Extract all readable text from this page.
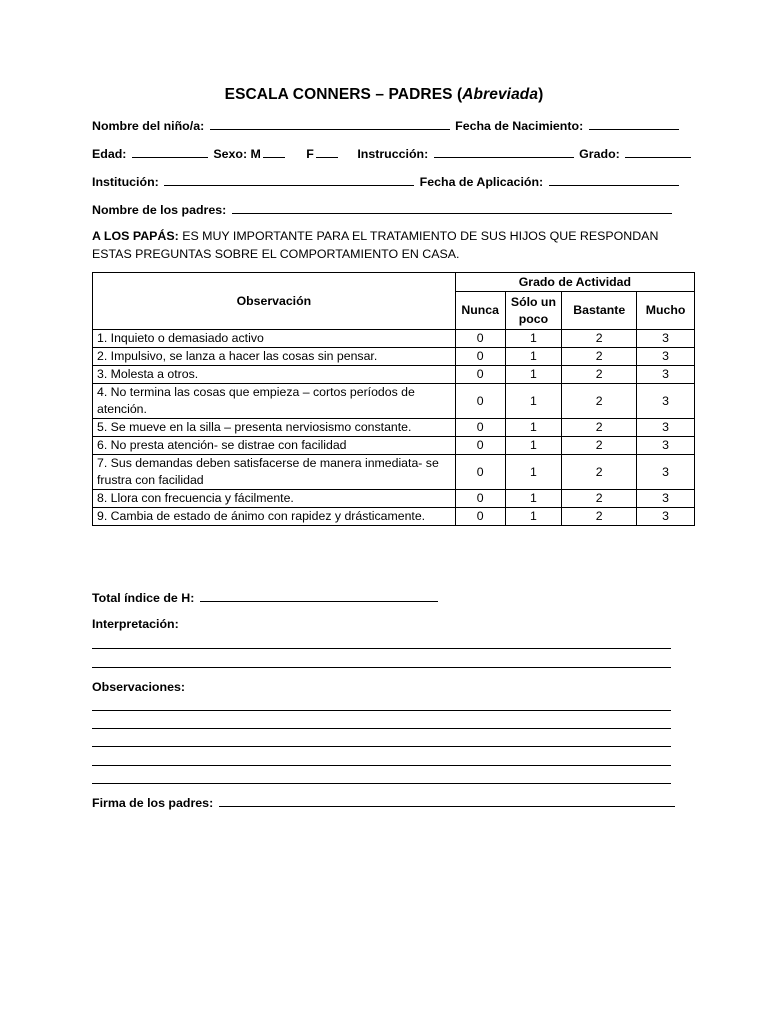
ESCALA CONNERS – PADRES (Abreviada)
Nombre del niño/a:	Fecha de Nacimiento:
Edad:	Sexo: M	F	Instrucción:	Grado:
Institución:	Fecha de Aplicación:
Nombre de los padres:
A LOS PAPÁS: ES MUY IMPORTANTE PARA EL TRATAMIENTO DE SUS HIJOS QUE RESPONDAN ESTAS PREGUNTAS SOBRE EL COMPORTAMIENTO EN CASA.
Observación	Grado de Actividad			
	Nunca	Sólo un poco	Bastante	Mucho
1. Inquieto o demasiado activo	0	1	2	3
2. Impulsivo, se lanza a hacer las cosas sin pensar.	0	1	2	3
3. Molesta a otros.	0	1	2	3
4. No termina las cosas que empieza – cortos períodos de atención.	0	1	2	3
5. Se mueve en la silla – presenta nerviosismo constante.	0	1	2	3
6. No presta atención- se distrae con facilidad	0	1	2	3
7. Sus demandas deben satisfacerse de manera inmediata- se frustra con facilidad	0	1	2	3
8. Llora con frecuencia y fácilmente.	0	1	2	3
9. Cambia de estado de ánimo con rapidez y drásticamente.	0	1	2	3
Total índice de H:
Interpretación:
Observaciones:
Firma de los padres:
